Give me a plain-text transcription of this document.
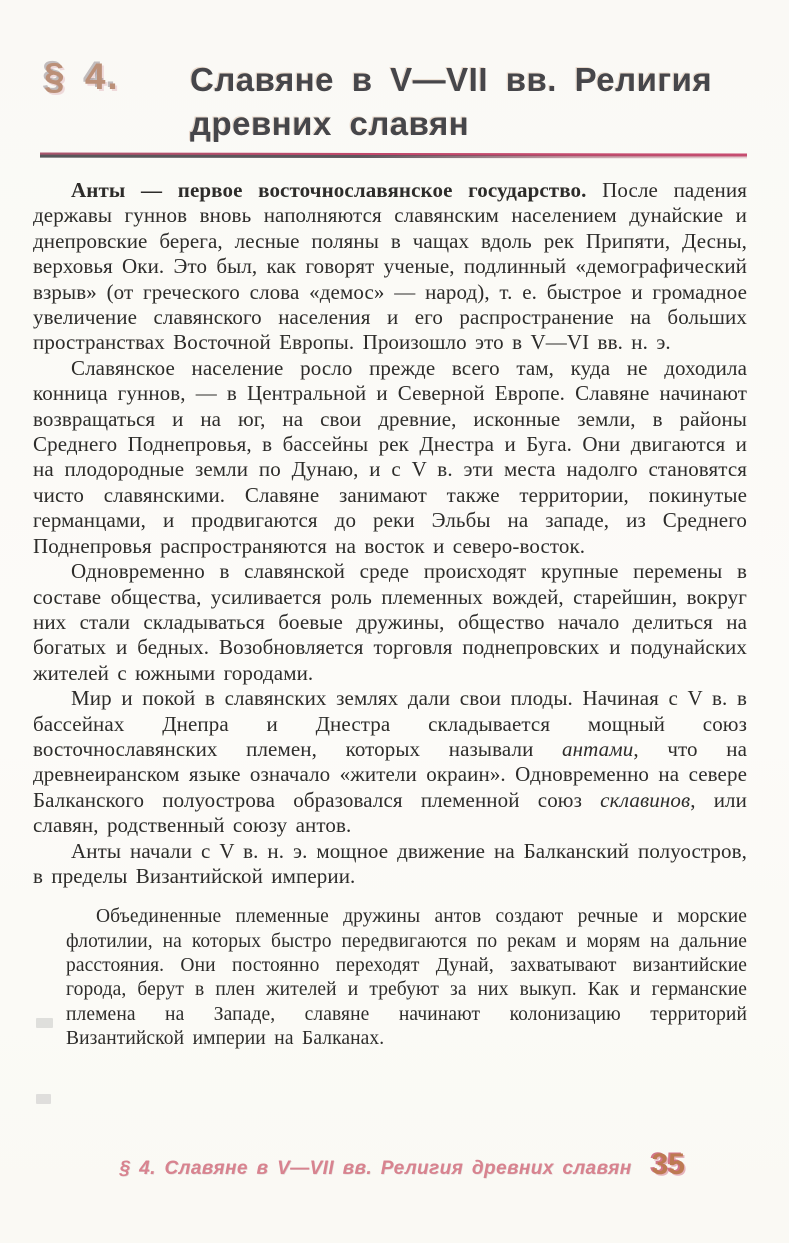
§ 4. Славяне в V—VII вв. Религия
древних славян

Анты — первое восточнославянское государство. После падения державы гуннов вновь наполняются славянским населением дунайские и днепровские берега, лесные поляны в чащах вдоль рек Припяти, Десны, верховья Оки. Это был, как говорят ученые, подлинный «демографический взрыв» (от греческого слова «демос» — народ), т. е. быстрое и громадное увеличение славянского населения и его распространение на больших пространствах Восточной Европы. Произошло это в V—VI вв. н. э.

Славянское население росло прежде всего там, куда не доходила конница гуннов, — в Центральной и Северной Европе. Славяне начинают возвращаться и на юг, на свои древние, исконные земли, в районы Среднего Поднепровья, в бассейны рек Днестра и Буга. Они двигаются и на плодородные земли по Дунаю, и с V в. эти места надолго становятся чисто славянскими. Славяне занимают также территории, покинутые германцами, и продвигаются до реки Эльбы на западе, из Среднего Поднепровья распространяются на восток и северо-восток.

Одновременно в славянской среде происходят крупные перемены в составе общества, усиливается роль племенных вождей, старейшин, вокруг них стали складываться боевые дружины, общество начало делиться на богатых и бедных. Возобновляется торговля поднепровских и подунайских жителей с южными городами.

Мир и покой в славянских землях дали свои плоды. Начиная с V в. в бассейнах Днепра и Днестра складывается мощный союз восточнославянских племен, которых называли антами, что на древнеиранском языке означало «жители окраин». Одновременно на севере Балканского полуострова образовался племенной союз склавинов, или славян, родственный союзу антов.

Анты начали с V в. н. э. мощное движение на Балканский полуостров, в пределы Византийской империи.

Объединенные племенные дружины антов создают речные и морские флотилии, на которых быстро передвигаются по рекам и морям на дальние расстояния. Они постоянно переходят Дунай, захватывают византийские города, берут в плен жителей и требуют за них выкуп. Как и германские племена на Западе, славяне начинают колонизацию территорий Византийской империи на Балканах.

§ 4. Славяне в V—VII вв. Религия древних славян 35
